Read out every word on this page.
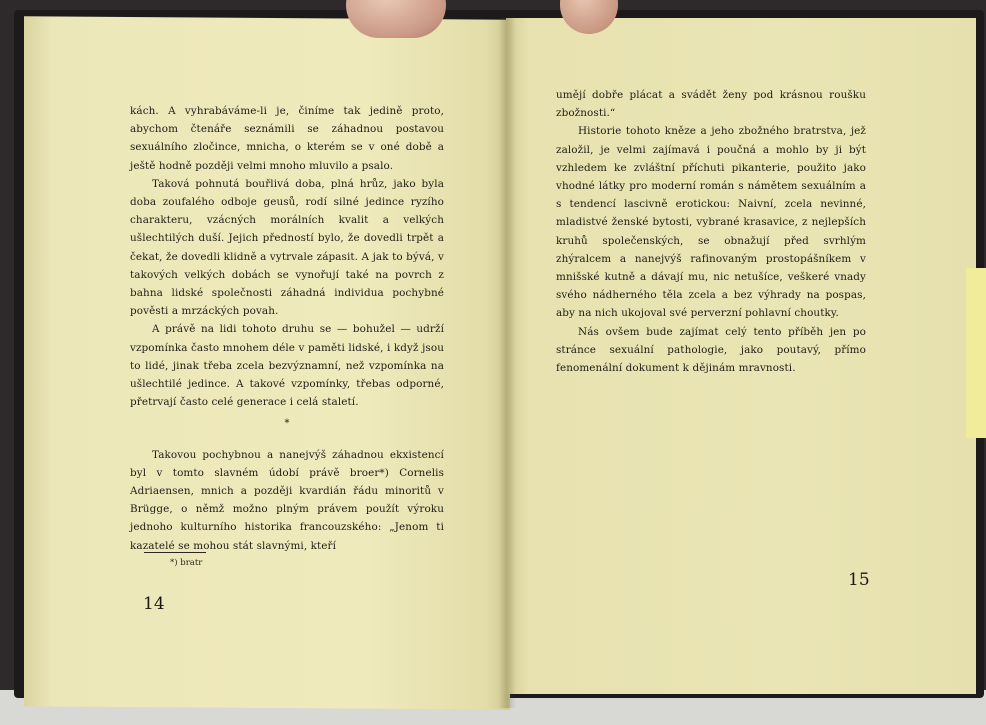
kách. A vyhrabáváme-li je, činíme tak jedině proto, abychom čtenáře seznámili se záhadnou postavou sexuálního zločince, mnicha, o kterém se v oné době a ještě hodně později velmi mnoho mluvilo a psalo.

Taková pohnutá bouřlivá doba, plná hrůz, jako byla doba zoufalého odboje geusů, rodí silné jedince ryzího charakteru, vzácných morálních kvalit a velkých ušlechtilých duší. Jejich předností bylo, že dovedli trpět a čekat, že dovedli klidně a vytrvale zápasit. A jak to bývá, v takových velkých dobách se vynořují také na povrch z bahna lidské společnosti záhadná individua pochybné pověsti a mrzáckých povah.

A právě na lidi tohoto druhu se — bohužel — udrží vzpomínka často mnohem déle v paměti lidské, i když jsou to lidé, jinak třeba zcela bezvýznamní, než vzpomínka na ušlechtilé jedince. A takové vzpomínky, třebas odporné, přetrvají často celé generace i celá staletí.

*

Takovou pochybnou a nanejvýš záhadnou ekxistencí byl v tomto slavném údobí právě broer*) Cornelis Adriaensen, mnich a později kvardián řádu minoritů v Brügge, o němž možno plným právem použít výroku jednoho kulturního historika francouzského: „Jenom ti kazatelé se mohou stát slavnými, kteří

*) bratr
14

umějí dobře plácat a svádět ženy pod krásnou roušku zbožnosti.“

Historie tohoto kněze a jeho zbožného bratrstva, jež založil, je velmi zajímavá i poučná a mohlo by ji být vzhledem ke zvláštní příchuti pikanterie, použito jako vhodné látky pro moderní román s námětem sexuálním a s tendencí lascivně erotickou: Naivní, zcela nevinné, mladistvé ženské bytosti, vybrané krasavice, z nejlepších kruhů společenských, se obnažují před svrhlým zhýralcem a nanejvýš rafinovaným prostopášníkem v mnišské kutně a dávají mu, nic netušíce, veškeré vnady svého nádherného těla zcela a bez výhrady na pospas, aby na nich ukojoval své perverzní pohlavní choutky.

Nás ovšem bude zajímat celý tento příběh jen po stránce sexuální pathologie, jako poutavý, přímo fenomenální dokument k dějinám mravnosti.

15
